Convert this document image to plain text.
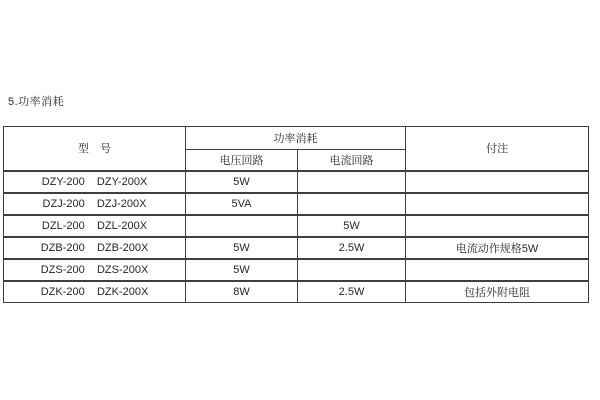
5.功率消耗
型　号	功率消耗		付注
	电压回路	电流回路	
DZY-200    DZY-200X	5W		
DZJ-200    DZJ-200X	5VA		
DZL-200    DZL-200X		5W	
DZB-200    DZB-200X	5W	2.5W	电流动作规格5W
DZS-200    DZS-200X	5W		
DZK-200    DZK-200X	8W	2.5W	包括外附电阻
